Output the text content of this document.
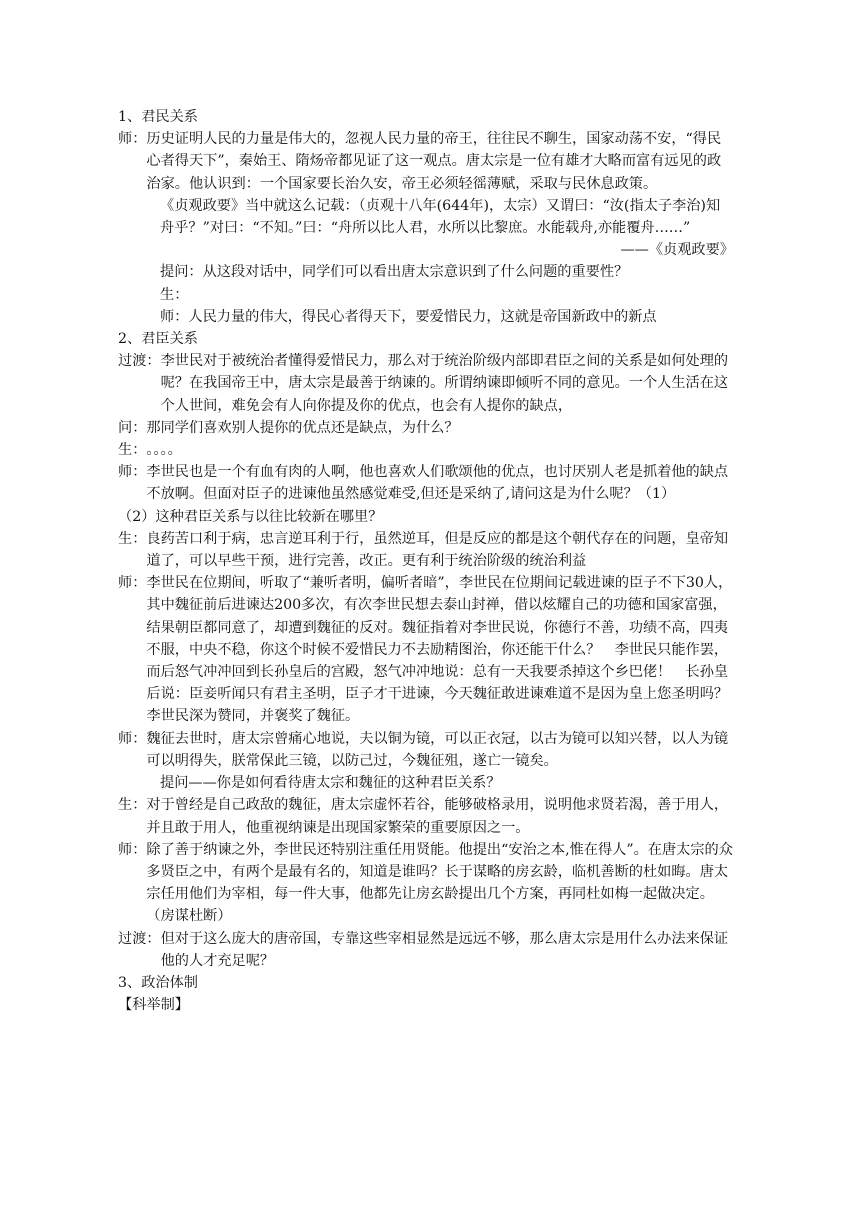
1、君民关系

师： 历史证明人民的力量是伟大的，忽视人民力量的帝王，往往民不聊生，国家动荡不安，“得民心者得天下”，秦始王、隋炀帝都见证了这一观点。唐太宗是一位有雄才大略而富有远见的政治家。他认识到：一个国家要长治久安，帝王必须轻徭薄赋，采取与民休息政策。

《贞观政要》当中就这么记载：（贞观十八年(644年)，太宗）又谓曰：“汝(指太子李治)知舟乎？”对曰：“不知。”曰：“舟所以比人君，水所以比黎庶。水能载舟,亦能覆舟……”

——《贞观政要》

提问：从这段对话中，同学们可以看出唐太宗意识到了什么问题的重要性？

生：

师：人民力量的伟大，得民心者得天下，要爱惜民力，这就是帝国新政中的新点

2、君臣关系

过渡： 李世民对于被统治者懂得爱惜民力，那么对于统治阶级内部即君臣之间的关系是如何处理的呢？在我国帝王中，唐太宗是最善于纳谏的。所谓纳谏即倾听不同的意见。一个人生活在这个人世间，难免会有人向你提及你的优点，也会有人提你的缺点，
问： 那同学们喜欢别人提你的优点还是缺点，为什么？
生： 。。。。
师： 李世民也是一个有血有肉的人啊，他也喜欢人们歌颂他的优点，也讨厌别人老是抓着他的缺点不放啊。但面对臣子的进谏他虽然感觉难受,但还是采纳了,请问这是为什么呢？（1）

（2）这种君臣关系与以往比较新在哪里？

生： 良药苦口利于病，忠言逆耳利于行，虽然逆耳，但是反应的都是这个朝代存在的问题，皇帝知道了，可以早些干预，进行完善，改正。更有利于统治阶级的统治利益
师： 李世民在位期间，听取了“兼听者明，偏听者暗”，李世民在位期间记载进谏的臣子不下30人，其中魏征前后进谏达200多次，有次李世民想去泰山封禅，借以炫耀自己的功德和国家富强，结果朝臣都同意了，却遭到魏征的反对。魏征指着对李世民说，你德行不善，功绩不高，四夷不服，中央不稳，你这个时候不爱惜民力不去励精图治，你还能干什么？　李世民只能作罢，而后怒气冲冲回到长孙皇后的宫殿，怒气冲冲地说：总有一天我要杀掉这个乡巴佬！　长孙皇后说：臣妾听闻只有君主圣明，臣子才干进谏，今天魏征敢进谏难道不是因为皇上您圣明吗？　李世民深为赞同，并褒奖了魏征。
师： 魏征去世时，唐太宗曾痛心地说，夫以铜为镜，可以正衣冠，以古为镜可以知兴替，以人为镜可以明得失，朕常保此三镜，以防己过，今魏征殂，遂亡一镜矣。

提问——你是如何看待唐太宗和魏征的这种君臣关系？

生： 对于曾经是自己政敌的魏征，唐太宗虚怀若谷，能够破格录用，说明他求贤若渴，善于用人，并且敢于用人，他重视纳谏是出现国家繁荣的重要原因之一。
师： 除了善于纳谏之外，李世民还特别注重任用贤能。他提出“安治之本,惟在得人”。在唐太宗的众多贤臣之中，有两个是最有名的，知道是谁吗？长于谋略的房玄龄，临机善断的杜如晦。唐太宗任用他们为宰相，每一件大事，他都先让房玄龄提出几个方案，再同杜如梅一起做决定。（房谋杜断）
过渡： 但对于这么庞大的唐帝国，专靠这些宰相显然是远远不够，那么唐太宗是用什么办法来保证他的人才充足呢？

3、政治体制

【科举制】
